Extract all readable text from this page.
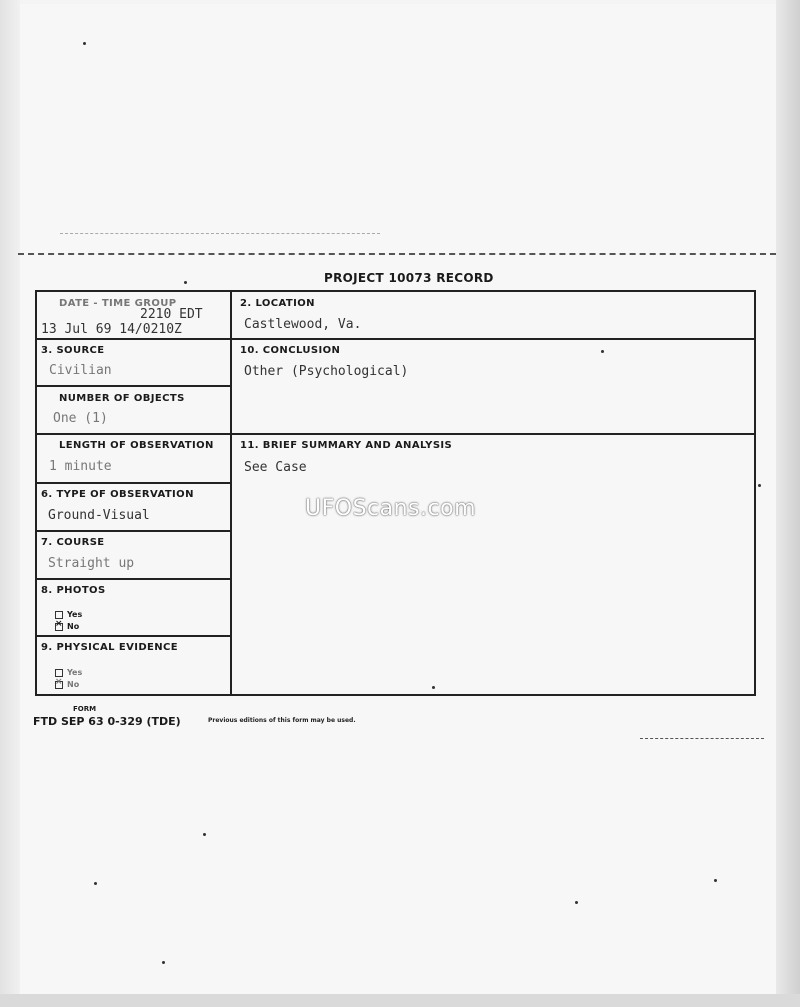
PROJECT 10073 RECORD
DATE - TIME GROUP
2210 EDT
13 Jul 69 14/0210Z
2. LOCATION
Castlewood, Va.
3. SOURCE
Civilian
NUMBER OF OBJECTS
One (1)
LENGTH OF OBSERVATION
1 minute
6. TYPE OF OBSERVATION
Ground-Visual
7. COURSE
Straight up
8. PHOTOS
Yes
×No
9. PHYSICAL EVIDENCE
Yes
×No
10. CONCLUSION
Other (Psychological)
11. BRIEF SUMMARY AND ANALYSIS
See Case
FORM
FTD SEP 63 0-329 (TDE)	Previous editions of this form may be used.
UFOScans.com
